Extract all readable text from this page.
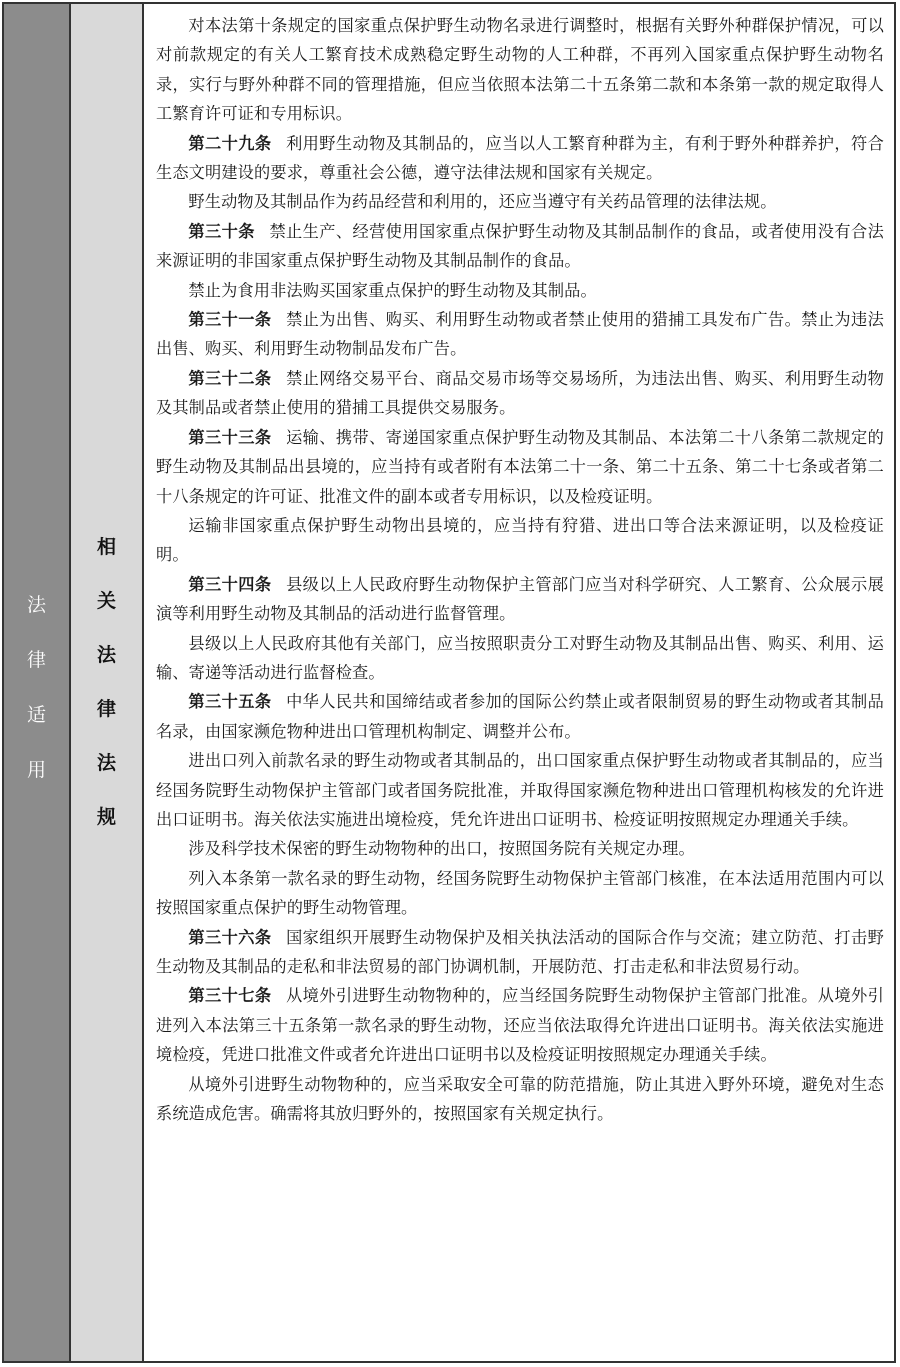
法
律
适
用
相
关
法
律
法
规

对本法第十条规定的国家重点保护野生动物名录进行调整时，根据有关野外种群保护情况，可以对前款规定的有关人工繁育技术成熟稳定野生动物的人工种群，不再列入国家重点保护野生动物名录，实行与野外种群不同的管理措施，但应当依照本法第二十五条第二款和本条第一款的规定取得人工繁育许可证和专用标识。

第二十九条 利用野生动物及其制品的，应当以人工繁育种群为主，有利于野外种群养护，符合生态文明建设的要求，尊重社会公德，遵守法律法规和国家有关规定。

野生动物及其制品作为药品经营和利用的，还应当遵守有关药品管理的法律法规。

第三十条 禁止生产、经营使用国家重点保护野生动物及其制品制作的食品，或者使用没有合法来源证明的非国家重点保护野生动物及其制品制作的食品。

禁止为食用非法购买国家重点保护的野生动物及其制品。

第三十一条 禁止为出售、购买、利用野生动物或者禁止使用的猎捕工具发布广告。禁止为违法出售、购买、利用野生动物制品发布广告。

第三十二条 禁止网络交易平台、商品交易市场等交易场所，为违法出售、购买、利用野生动物及其制品或者禁止使用的猎捕工具提供交易服务。

第三十三条 运输、携带、寄递国家重点保护野生动物及其制品、本法第二十八条第二款规定的野生动物及其制品出县境的，应当持有或者附有本法第二十一条、第二十五条、第二十七条或者第二十八条规定的许可证、批准文件的副本或者专用标识，以及检疫证明。

运输非国家重点保护野生动物出县境的，应当持有狩猎、进出口等合法来源证明，以及检疫证明。

第三十四条 县级以上人民政府野生动物保护主管部门应当对科学研究、人工繁育、公众展示展演等利用野生动物及其制品的活动进行监督管理。

县级以上人民政府其他有关部门，应当按照职责分工对野生动物及其制品出售、购买、利用、运输、寄递等活动进行监督检查。

第三十五条 中华人民共和国缔结或者参加的国际公约禁止或者限制贸易的野生动物或者其制品名录，由国家濒危物种进出口管理机构制定、调整并公布。

进出口列入前款名录的野生动物或者其制品的，出口国家重点保护野生动物或者其制品的，应当经国务院野生动物保护主管部门或者国务院批准，并取得国家濒危物种进出口管理机构核发的允许进出口证明书。海关依法实施进出境检疫，凭允许进出口证明书、检疫证明按照规定办理通关手续。

涉及科学技术保密的野生动物物种的出口，按照国务院有关规定办理。

列入本条第一款名录的野生动物，经国务院野生动物保护主管部门核准，在本法适用范围内可以按照国家重点保护的野生动物管理。

第三十六条 国家组织开展野生动物保护及相关执法活动的国际合作与交流；建立防范、打击野生动物及其制品的走私和非法贸易的部门协调机制，开展防范、打击走私和非法贸易行动。

第三十七条 从境外引进野生动物物种的，应当经国务院野生动物保护主管部门批准。从境外引进列入本法第三十五条第一款名录的野生动物，还应当依法取得允许进出口证明书。海关依法实施进境检疫，凭进口批准文件或者允许进出口证明书以及检疫证明按照规定办理通关手续。

从境外引进野生动物物种的，应当采取安全可靠的防范措施，防止其进入野外环境，避免对生态系统造成危害。确需将其放归野外的，按照国家有关规定执行。
